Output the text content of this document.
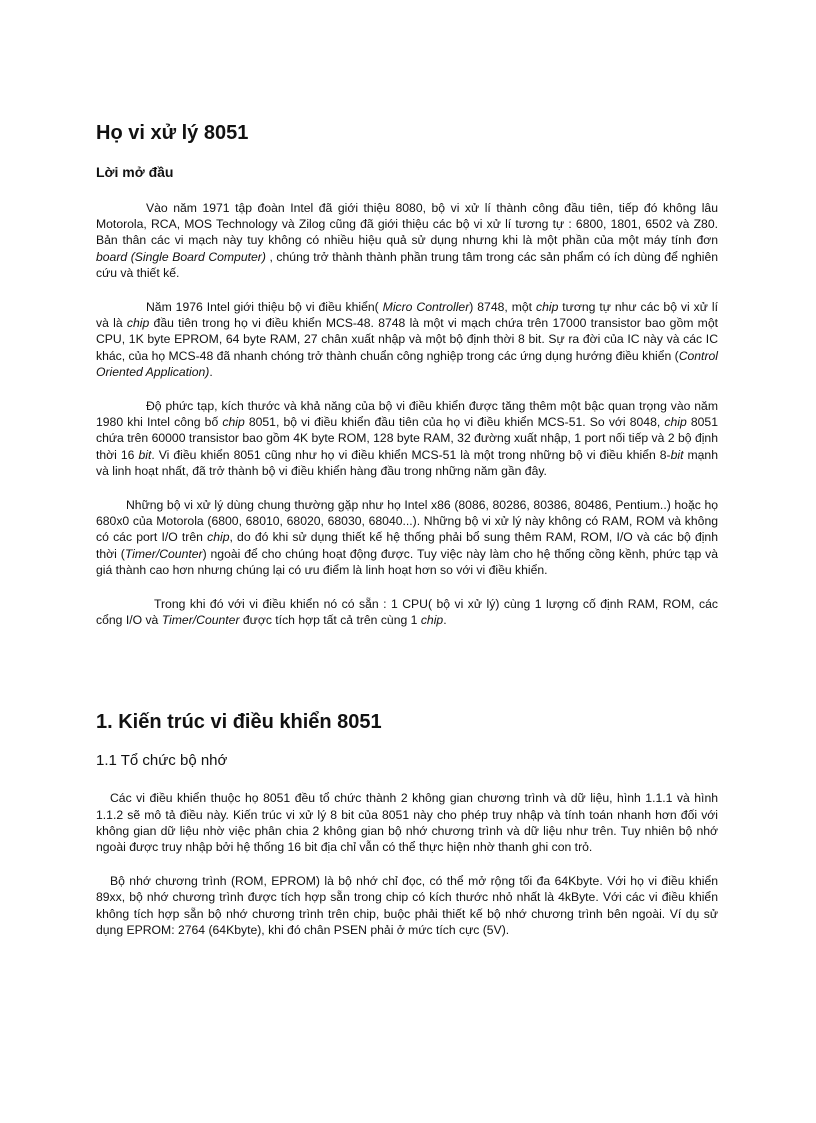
Họ vi xử lý 8051
Lời mở đầu

Vào năm 1971 tập đoàn Intel đã giới thiệu 8080, bộ vi xử lí thành công đầu tiên, tiếp đó không lâu Motorola, RCA, MOS Technology và Zilog cũng đã giới thiệu các bộ vi xử lí tương tự : 6800, 1801, 6502 và Z80. Bản thân các vi mạch này tuy không có nhiều hiệu quả sử dụng nhưng khi là một phần của một máy tính đơn board (Single Board Computer) , chúng trở thành thành phần trung tâm trong các sản phẩm có ích dùng để nghiên cứu và thiết kế.

Năm 1976 Intel giới thiệu bộ vi điều khiển( Micro Controller) 8748, một chip tương tự như các bộ vi xử lí và là chip đầu tiên trong họ vi điều khiển MCS-48. 8748 là một vi mạch chứa trên 17000 transistor bao gồm một CPU, 1K byte EPROM, 64 byte RAM, 27 chân xuất nhập và một bộ định thời 8 bit. Sự ra đời của IC này và các IC khác, của họ MCS-48 đã nhanh chóng trở thành chuẩn công nghiệp trong các ứng dụng hướng điều khiển (Control Oriented Application).

Độ phức tạp, kích thước và khả năng của bộ vi điều khiển được tăng thêm một bậc quan trọng vào năm 1980 khi Intel công bố chip 8051, bộ vi điều khiển đầu tiên của họ vi điều khiển MCS-51. So với 8048, chip 8051 chứa trên 60000 transistor bao gồm 4K byte ROM, 128 byte RAM, 32 đường xuất nhập, 1 port nối tiếp và 2 bộ định thời 16 bit. Vi điều khiển 8051 cũng như họ vi điều khiển MCS-51 là một trong những bộ vi điều khiển 8-bit mạnh và linh hoạt nhất, đã trở thành bộ vi điều khiển hàng đầu trong những năm gần đây.

Những bộ vi xử lý dùng chung thường gặp như họ Intel x86 (8086, 80286, 80386, 80486, Pentium..) hoặc họ 680x0 của Motorola (6800, 68010, 68020, 68030, 68040...). Những bộ vi xử lý này không có RAM, ROM và không có các port I/O trên chip, do đó khi sử dụng thiết kế hệ thống phải bổ sung thêm RAM, ROM, I/O và các bộ định thời (Timer/Counter) ngoài để cho chúng hoạt động được. Tuy việc này làm cho hệ thống cồng kềnh, phức tạp và giá thành cao hơn nhưng chúng lại có ưu điểm là linh hoạt hơn so với vi điều khiển.

Trong khi đó với vi điều khiển nó có sẵn : 1 CPU( bộ vi xử lý) cùng 1 lượng cố định RAM, ROM, các cổng I/O và Timer/Counter được tích hợp tất cả trên cùng 1 chip.

1. Kiến trúc vi điều khiển 8051
1.1 Tổ chức bộ nhớ

Các vi điều khiển thuộc họ 8051 đều tổ chức thành 2 không gian chương trình và dữ liệu, hình 1.1.1 và hình 1.1.2 sẽ mô tả điều này. Kiến trúc vi xử lý 8 bit của 8051 này cho phép truy nhập và tính toán nhanh hơn đối với không gian dữ liệu nhờ việc phân chia 2 không gian bộ nhớ chương trình và dữ liệu như trên. Tuy nhiên bộ nhớ ngoài được truy nhập bởi hệ thống 16 bit địa chỉ vẫn có thể thực hiện nhờ thanh ghi con trỏ.

Bộ nhớ chương trình (ROM, EPROM) là bộ nhớ chỉ đọc, có thể mở rộng tối đa 64Kbyte. Với họ vi điều khiển 89xx, bộ nhớ chương trình được tích hợp sẵn trong chip có kích thước nhỏ nhất là 4kByte. Với các vi điều khiển không tích hợp sẵn bộ nhớ chương trình trên chip, buộc phải thiết kế bộ nhớ chương trình bên ngoài. Ví dụ sử dụng EPROM: 2764 (64Kbyte), khi đó chân PSEN phải ở mức tích cực (5V).
